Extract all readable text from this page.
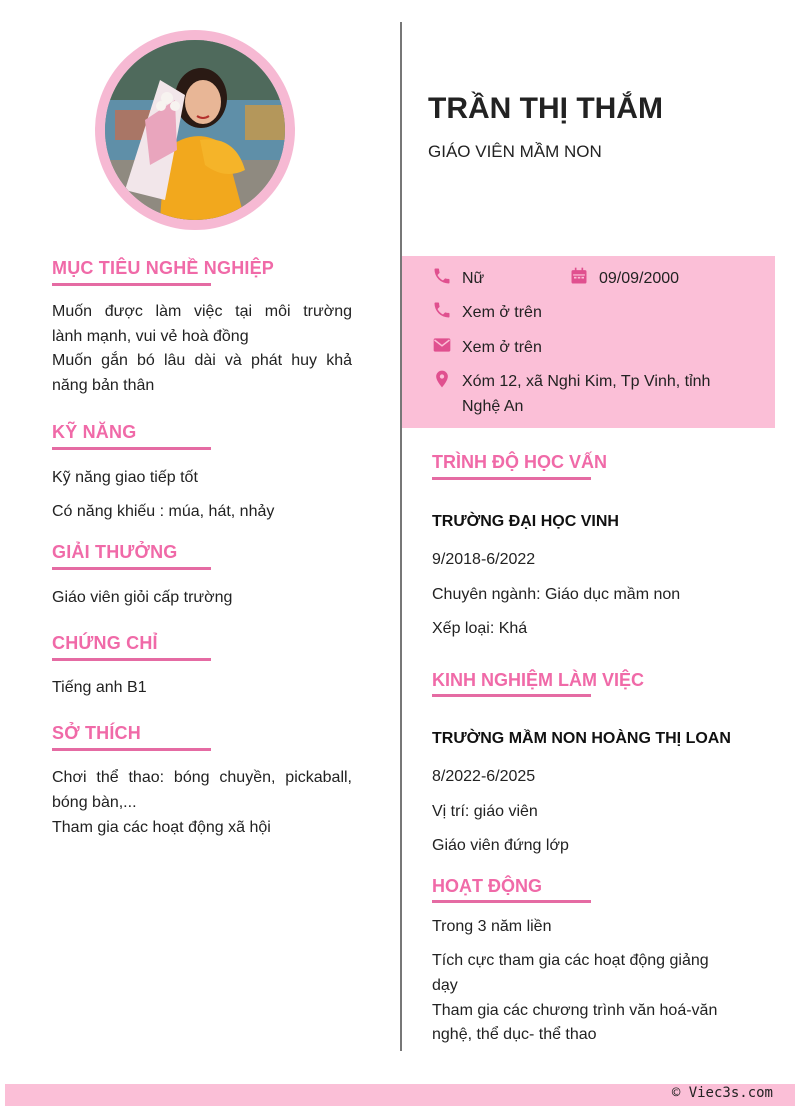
MỤC TIÊU NGHỀ NGHIỆP
Muốn được làm việc tại môi trường
lành mạnh, vui vẻ hoà đồng
Muốn gắn bó lâu dài và phát huy khả
năng bản thân
KỸ NĂNG
Kỹ năng giao tiếp tốt
Có năng khiếu : múa, hát, nhảy
GIẢI THƯỞNG
Giáo viên giỏi cấp trường
CHỨNG CHỈ
Tiếng anh B1
SỞ THÍCH
Chơi thể thao: bóng chuyền, pickaball,
bóng bàn,...
Tham gia các hoạt động xã hội
TRẦN THỊ THẮM
GIÁO VIÊN MẦM NON
Nữ	09/09/2000
Xem ở trên
Xem ở trên
Xóm 12, xã Nghi Kim, Tp Vinh, tỉnh
Nghệ An
TRÌNH ĐỘ HỌC VẤN
TRƯỜNG ĐẠI HỌC VINH
9/2018-6/2022
Chuyên ngành: Giáo dục mầm non
Xếp loại: Khá
KINH NGHIỆM LÀM VIỆC
TRƯỜNG MẦM NON HOÀNG THỊ LOAN
8/2022-6/2025
Vị trí: giáo viên
Giáo viên đứng lớp
HOẠT ĐỘNG
Trong 3 năm liền
Tích cực tham gia các hoạt động giảng
dạy
Tham gia các chương trình văn hoá-văn
nghệ, thể dục- thể thao
© Viec3s.com
